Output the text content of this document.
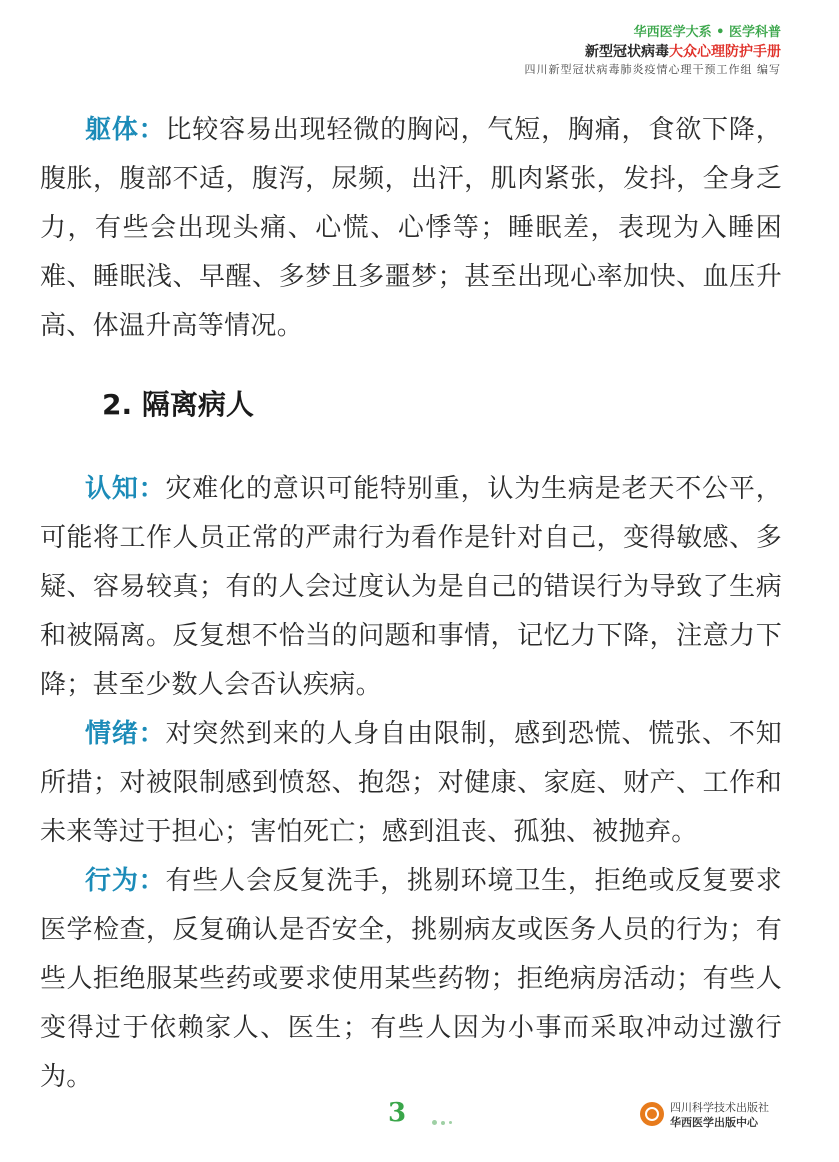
华西医学大系 • 医学科普
新型冠状病毒大众心理防护手册
四川新型冠状病毒肺炎疫情心理干预工作组 编写

躯体：比较容易出现轻微的胸闷，气短，胸痛，食欲下降，腹胀，腹部不适，腹泻，尿频，出汗，肌肉紧张，发抖，全身乏力，有些会出现头痛、心慌、心悸等；睡眠差，表现为入睡困难、睡眠浅、早醒、多梦且多噩梦；甚至出现心率加快、血压升高、体温升高等情况。

2. 隔离病人

认知：灾难化的意识可能特别重，认为生病是老天不公平，可能将工作人员正常的严肃行为看作是针对自己，变得敏感、多疑、容易较真；有的人会过度认为是自己的错误行为导致了生病和被隔离。反复想不恰当的问题和事情，记忆力下降，注意力下降；甚至少数人会否认疾病。

情绪：对突然到来的人身自由限制，感到恐慌、慌张、不知所措；对被限制感到愤怒、抱怨；对健康、家庭、财产、工作和未来等过于担心；害怕死亡；感到沮丧、孤独、被抛弃。

行为：有些人会反复洗手，挑剔环境卫生，拒绝或反复要求医学检查，反复确认是否安全，挑剔病友或医务人员的行为；有些人拒绝服某些药或要求使用某些药物；拒绝病房活动；有些人变得过于依赖家人、医生；有些人因为小事而采取冲动过激行为。

3	四川科学技术出版社
华西医学出版中心
